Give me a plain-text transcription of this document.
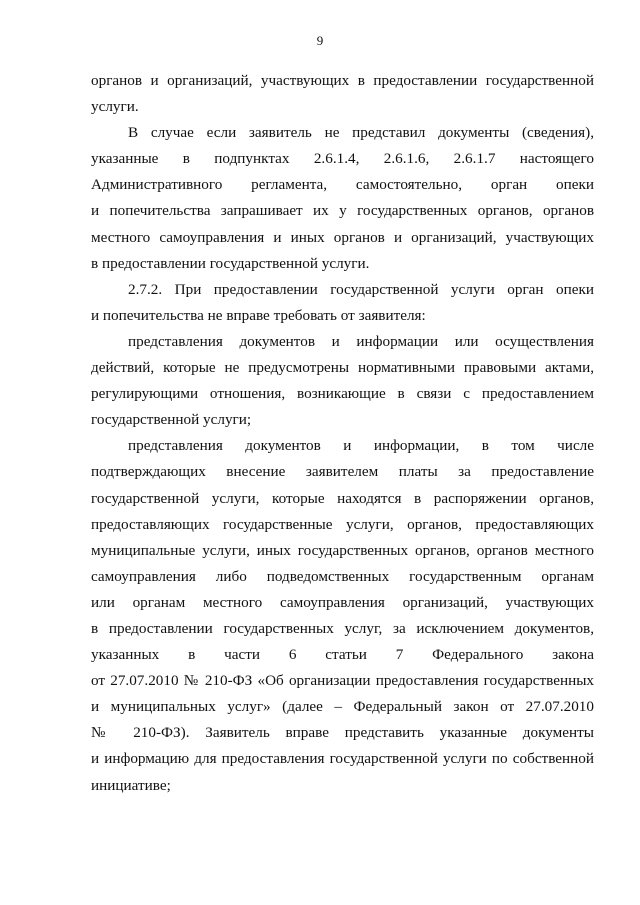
9
органов и организаций, участвующих в предоставлении государственной
услуги.
В случае если заявитель не представил документы (сведения),
указанные в подпунктах 2.6.1.4, 2.6.1.6, 2.6.1.7 настоящего
Административного регламента, самостоятельно, орган опеки
и попечительства запрашивает их у государственных органов, органов
местного самоуправления и иных органов и организаций, участвующих
в предоставлении государственной услуги.
2.7.2. При предоставлении государственной услуги орган опеки
и попечительства не вправе требовать от заявителя:
представления документов и информации или осуществления
действий, которые не предусмотрены нормативными правовыми актами,
регулирующими отношения, возникающие в связи с предоставлением
государственной услуги;
представления документов и информации, в том числе
подтверждающих внесение заявителем платы за предоставление
государственной услуги, которые находятся в распоряжении органов,
предоставляющих государственные услуги, органов, предоставляющих
муниципальные услуги, иных государственных органов, органов местного
самоуправления либо подведомственных государственным органам
или органам местного самоуправления организаций, участвующих
в предоставлении государственных услуг, за исключением документов,
указанных в части 6 статьи 7 Федерального закона
от 27.07.2010 № 210-ФЗ «Об организации предоставления государственных
и муниципальных услуг» (далее – Федеральный закон от 27.07.2010
№ 210-ФЗ). Заявитель вправе представить указанные документы
и информацию для предоставления государственной услуги по собственной
инициативе;
